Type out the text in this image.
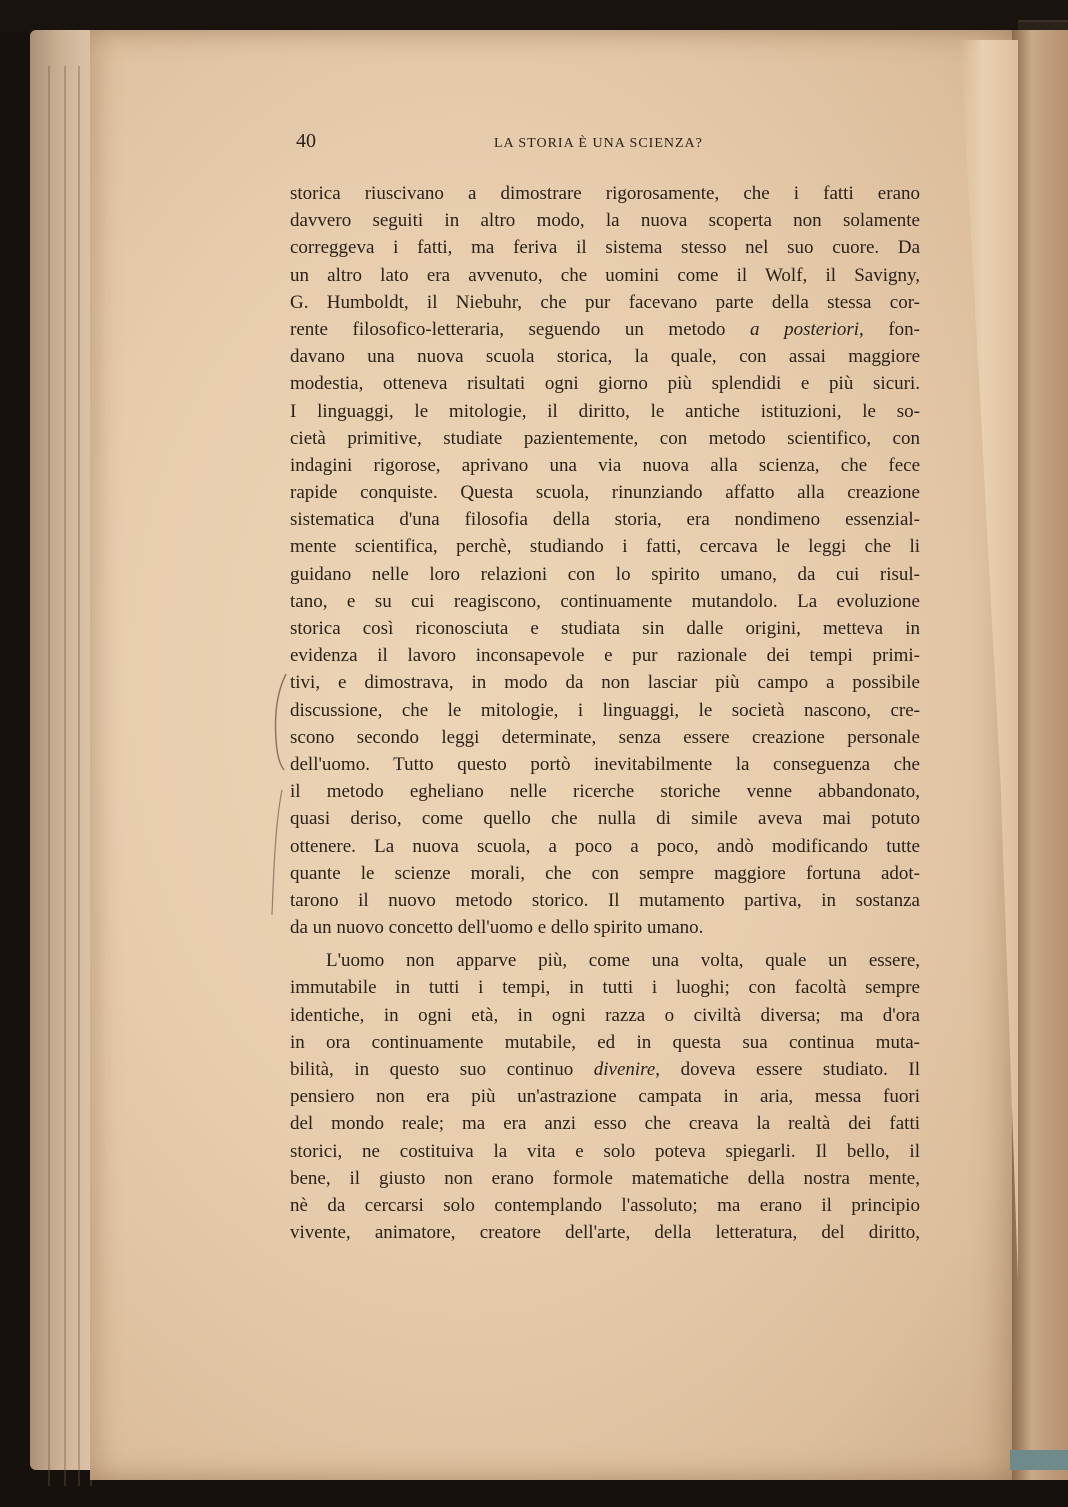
40	LA STORIA È UNA SCIENZA?
storica riuscivano a dimostrare rigorosamente, che i fatti erano
davvero seguiti in altro modo, la nuova scoperta non solamente
correggeva i fatti, ma feriva il sistema stesso nel suo cuore. Da
un altro lato era avvenuto, che uomini come il Wolf, il Savigny,
G. Humboldt, il Niebuhr, che pur facevano parte della stessa cor-
rente filosofico-letteraria, seguendo un metodo a posteriori, fon-
davano una nuova scuola storica, la quale, con assai maggiore
modestia, otteneva risultati ogni giorno più splendidi e più sicuri.
I linguaggi, le mitologie, il diritto, le antiche istituzioni, le so-
cietà primitive, studiate pazientemente, con metodo scientifico, con
indagini rigorose, aprivano una via nuova alla scienza, che fece
rapide conquiste. Questa scuola, rinunziando affatto alla creazione
sistematica d'una filosofia della storia, era nondimeno essenzial-
mente scientifica, perchè, studiando i fatti, cercava le leggi che li
guidano nelle loro relazioni con lo spirito umano, da cui risul-
tano, e su cui reagiscono, continuamente mutandolo. La evoluzione
storica così riconosciuta e studiata sin dalle origini, metteva in
evidenza il lavoro inconsapevole e pur razionale dei tempi primi-
tivi, e dimostrava, in modo da non lasciar più campo a possibile
discussione, che le mitologie, i linguaggi, le società nascono, cre-
scono secondo leggi determinate, senza essere creazione personale
dell'uomo. Tutto questo portò inevitabilmente la conseguenza che
il metodo egheliano nelle ricerche storiche venne abbandonato,
quasi deriso, come quello che nulla di simile aveva mai potuto
ottenere. La nuova scuola, a poco a poco, andò modificando tutte
quante le scienze morali, che con sempre maggiore fortuna adot-
tarono il nuovo metodo storico. Il mutamento partiva, in sostanza
da un nuovo concetto dell'uomo e dello spirito umano.
L'uomo non apparve più, come una volta, quale un essere,
immutabile in tutti i tempi, in tutti i luoghi; con facoltà sempre
identiche, in ogni età, in ogni razza o civiltà diversa; ma d'ora
in ora continuamente mutabile, ed in questa sua continua muta-
bilità, in questo suo continuo divenire, doveva essere studiato. Il
pensiero non era più un'astrazione campata in aria, messa fuori
del mondo reale; ma era anzi esso che creava la realtà dei fatti
storici, ne costituiva la vita e solo poteva spiegarli. Il bello, il
bene, il giusto non erano formole matematiche della nostra mente,
nè da cercarsi solo contemplando l'assoluto; ma erano il principio
vivente, animatore, creatore dell'arte, della letteratura, del diritto,
